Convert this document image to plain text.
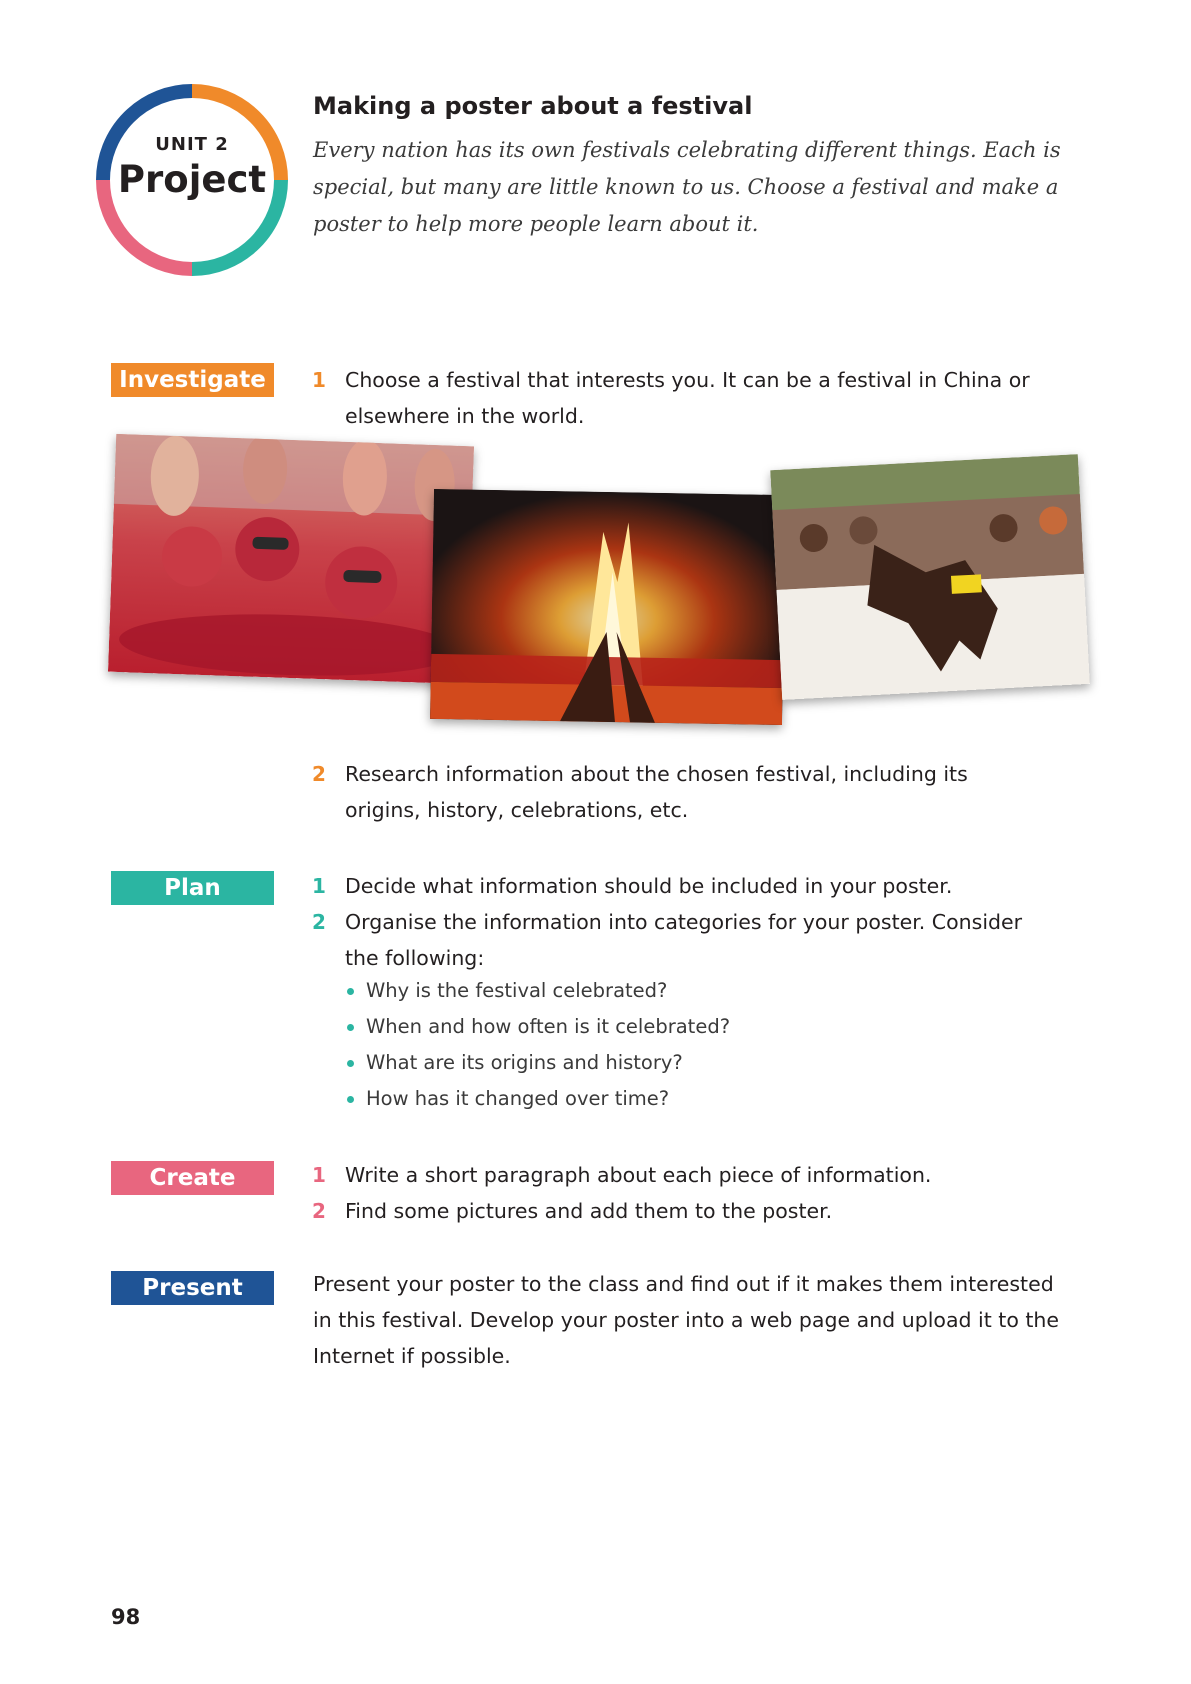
UNIT 2
Project
Making a poster about a festival
Every nation has its own festivals celebrating different things. Each is special, but many are little known to us. Choose a festival and make a poster to help more people learn about it.
Investigate	1 Choose a festival that interests you. It can be a festival in China or elsewhere in the world.
2 Research information about the chosen festival, including its origins, history, celebrations, etc.
Plan	1 Decide what information should be included in your poster.
2 Organise the information into categories for your poster. Consider the following:
Why is the festival celebrated?
When and how often is it celebrated?
What are its origins and history?
How has it changed over time?
Create	1 Write a short paragraph about each piece of information.
2 Find some pictures and add them to the poster.
Present	Present your poster to the class and find out if it makes them interested in this festival. Develop your poster into a web page and upload it to the Internet if possible.
98
